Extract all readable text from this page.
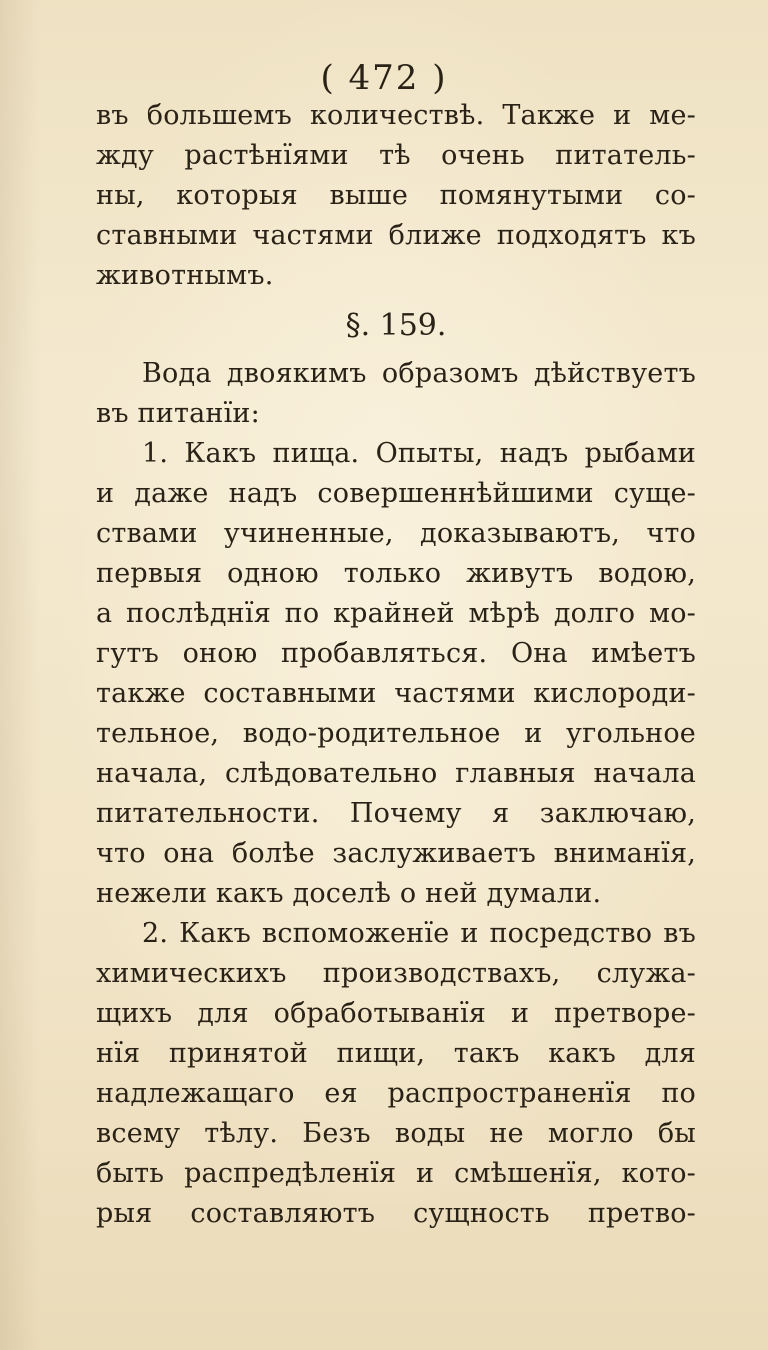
( 472 )
въ большемъ количествѣ. Также и ме-
жду растѣнїями тѣ очень питатель-
ны, которыя выше помянутыми со-
ставными частями ближе подходятъ къ
животнымъ.
§. 159.
Вода двоякимъ образомъ дѣйствуетъ
въ питанїи:
1. Какъ пища. Опыты, надъ рыбами
и даже надъ совершеннѣйшими суще-
ствами учиненные, доказываютъ, что
первыя одною только живутъ водою,
а послѣднїя по крайней мѣрѣ долго мо-
гутъ оною пробавляться. Она имѣетъ
также составными частями кислороди-
тельное, водо-родительное и угольное
начала, слѣдовательно главныя начала
питательности. Почему я заключаю,
что она болѣе заслуживаетъ вниманїя,
нежели какъ доселѣ о ней думали.
2. Какъ вспоможенїе и посредство въ
химическихъ производствахъ, служа-
щихъ для обработыванїя и претворе-
нїя принятой пищи, такъ какъ для
надлежащаго ея распространенїя по
всему тѣлу. Безъ воды не могло бы
быть распредѣленїя и смѣшенїя, кото-
рыя составляютъ сущность претво-
